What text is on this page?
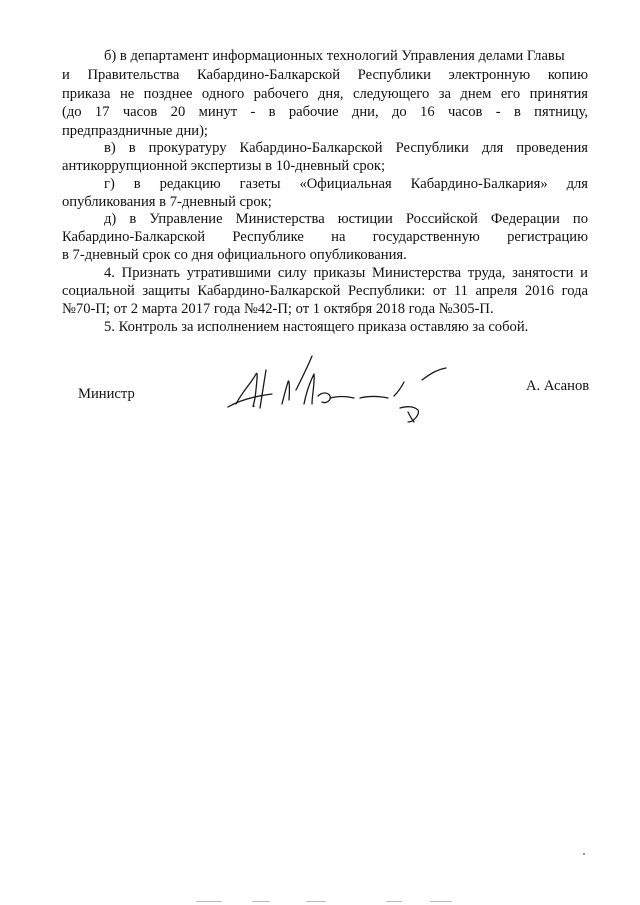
б) в департамент информационных технологий Управления делами Главы
и Правительства Кабардино-Балкарской Республики электронную копию
приказа не позднее одного рабочего дня, следующего за днем его принятия
(до 17 часов 20 минут - в рабочие дни, до 16 часов - в пятницу,
предпраздничные дни);
в) в прокуратуру Кабардино-Балкарской Республики для проведения
антикоррупционной экспертизы в 10-дневный срок;
г) в редакцию газеты «Официальная Кабардино-Балкария» для
опубликования в 7-дневный срок;
д) в Управление Министерства юстиции Российской Федерации по
Кабардино-Балкарской Республике на государственную регистрацию
в 7-дневный срок со дня официального опубликования.
4. Признать утратившими силу приказы Министерства труда, занятости и
социальной защиты Кабардино-Балкарской Республики: от 11 апреля 2016 года
№70-П; от 2 марта 2017 года №42-П; от 1 октября 2018 года №305-П.
5. Контроль за исполнением настоящего приказа оставляю за собой.
Министр	А. Асанов
